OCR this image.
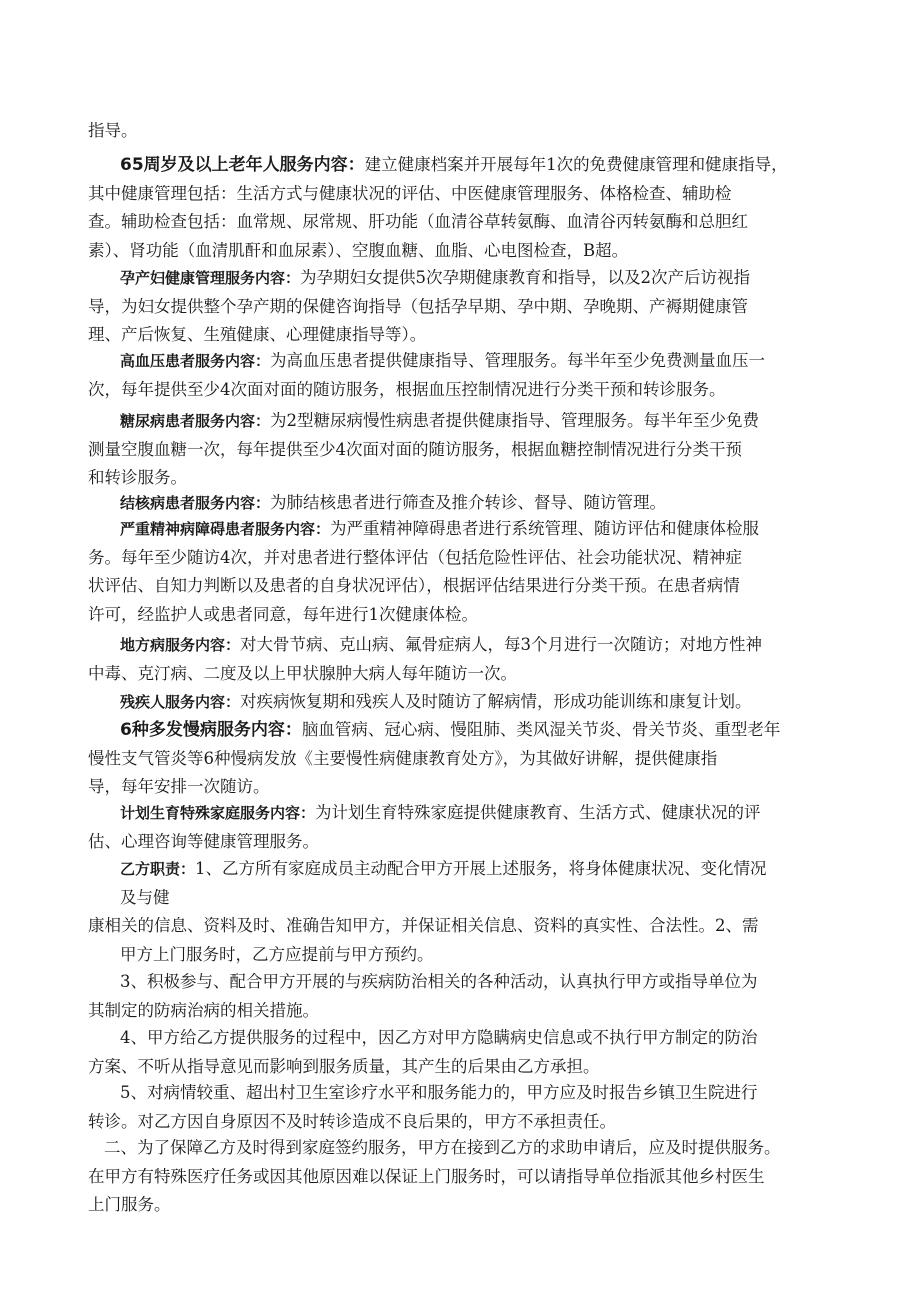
指导。
65周岁及以上老年人服务内容：建立健康档案并开展每年1次的免费健康管理和健康指导，
其中健康管理包括：生活方式与健康状况的评估、中医健康管理服务、体格检查、辅助检
查。辅助检查包括：血常规、尿常规、肝功能（血清谷草转氨酶、血清谷丙转氨酶和总胆红
素）、肾功能（血清肌酐和血尿素）、空腹血糖、血脂、心电图检查，B超。
孕产妇健康管理服务内容：为孕期妇女提供5次孕期健康教育和指导，以及2次产后访视指
导，为妇女提供整个孕产期的保健咨询指导（包括孕早期、孕中期、孕晚期、产褥期健康管
理、产后恢复、生殖健康、心理健康指导等）。
高血压患者服务内容：为高血压患者提供健康指导、管理服务。每半年至少免费测量血压一
次，每年提供至少4次面对面的随访服务，根据血压控制情况进行分类干预和转诊服务。
糖尿病患者服务内容：为2型糖尿病慢性病患者提供健康指导、管理服务。每半年至少免费
测量空腹血糖一次，每年提供至少4次面对面的随访服务，根据血糖控制情况进行分类干预
和转诊服务。
结核病患者服务内容：为肺结核患者进行筛查及推介转诊、督导、随访管理。
严重精神病障碍患者服务内容：为严重精神障碍患者进行系统管理、随访评估和健康体检服
务。每年至少随访4次，并对患者进行整体评估（包括危险性评估、社会功能状况、精神症
状评估、自知力判断以及患者的自身状况评估），根据评估结果进行分类干预。在患者病情
许可，经监护人或患者同意，每年进行1次健康体检。
地方病服务内容：对大骨节病、克山病、氟骨症病人，每3个月进行一次随访；对地方性神
中毒、克汀病、二度及以上甲状腺肿大病人每年随访一次。
残疾人服务内容：对疾病恢复期和残疾人及时随访了解病情，形成功能训练和康复计划。
6种多发慢病服务内容：脑血管病、冠心病、慢阻肺、类风湿关节炎、骨关节炎、重型老年
慢性支气管炎等6种慢病发放《主要慢性病健康教育处方》，为其做好讲解，提供健康指
导，每年安排一次随访。
计划生育特殊家庭服务内容：为计划生育特殊家庭提供健康教育、生活方式、健康状况的评
估、心理咨询等健康管理服务。
乙方职责：1、乙方所有家庭成员主动配合甲方开展上述服务，将身体健康状况、变化情况
及与健
康相关的信息、资料及时、准确告知甲方，并保证相关信息、资料的真实性、合法性。2、需
甲方上门服务时，乙方应提前与甲方预约。
3、积极参与、配合甲方开展的与疾病防治相关的各种活动，认真执行甲方或指导单位为
其制定的防病治病的相关措施。
4、甲方给乙方提供服务的过程中，因乙方对甲方隐瞒病史信息或不执行甲方制定的防治
方案、不听从指导意见而影响到服务质量，其产生的后果由乙方承担。
5、对病情较重、超出村卫生室诊疗水平和服务能力的，甲方应及时报告乡镇卫生院进行
转诊。对乙方因自身原因不及时转诊造成不良后果的，甲方不承担责任。
二、为了保障乙方及时得到家庭签约服务，甲方在接到乙方的求助申请后，应及时提供服务。
在甲方有特殊医疗任务或因其他原因难以保证上门服务时，可以请指导单位指派其他乡村医生
上门服务。
